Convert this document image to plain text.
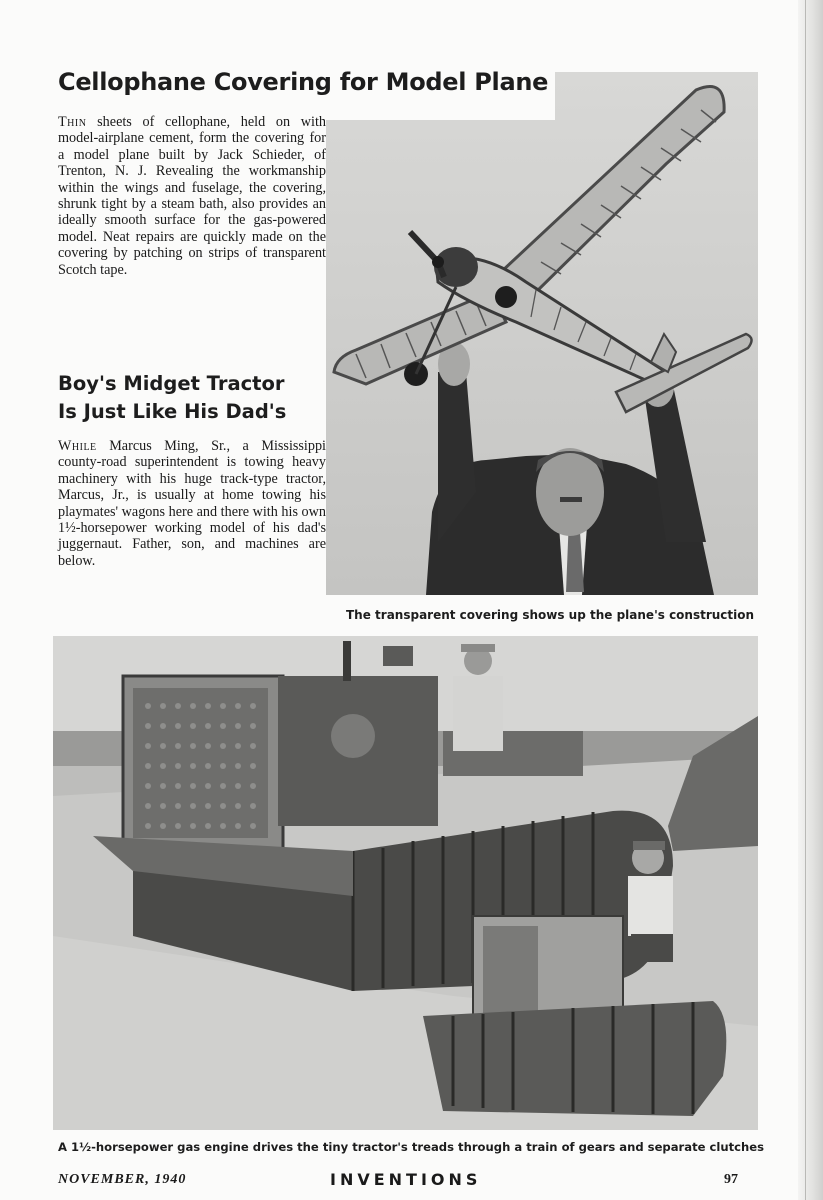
Cellophane Covering for Model Plane

Thin sheets of cellophane, held on with model-airplane cement, form the covering for a model plane built by Jack Schieder, of Trenton, N. J. Revealing the workmanship within the wings and fuselage, the covering, shrunk tight by a steam bath, also provides an ideally smooth surface for the gas-powered model. Neat repairs are quickly made on the covering by patching on strips of transparent Scotch tape.

Boy's Midget Tractor
Is Just Like His Dad's

While Marcus Ming, Sr., a Mississippi county-road superintendent is towing heavy machinery with his huge track-type tractor, Marcus, Jr., is usually at home towing his playmates' wagons here and there with his own 1½-horsepower working model of his dad's juggernaut. Father, son, and machines are below.

The transparent covering shows up the plane's construction

A 1½-horsepower gas engine drives the tiny tractor's treads through a train of gears and separate clutches

NOVEMBER, 1940	INVENTIONS	97
